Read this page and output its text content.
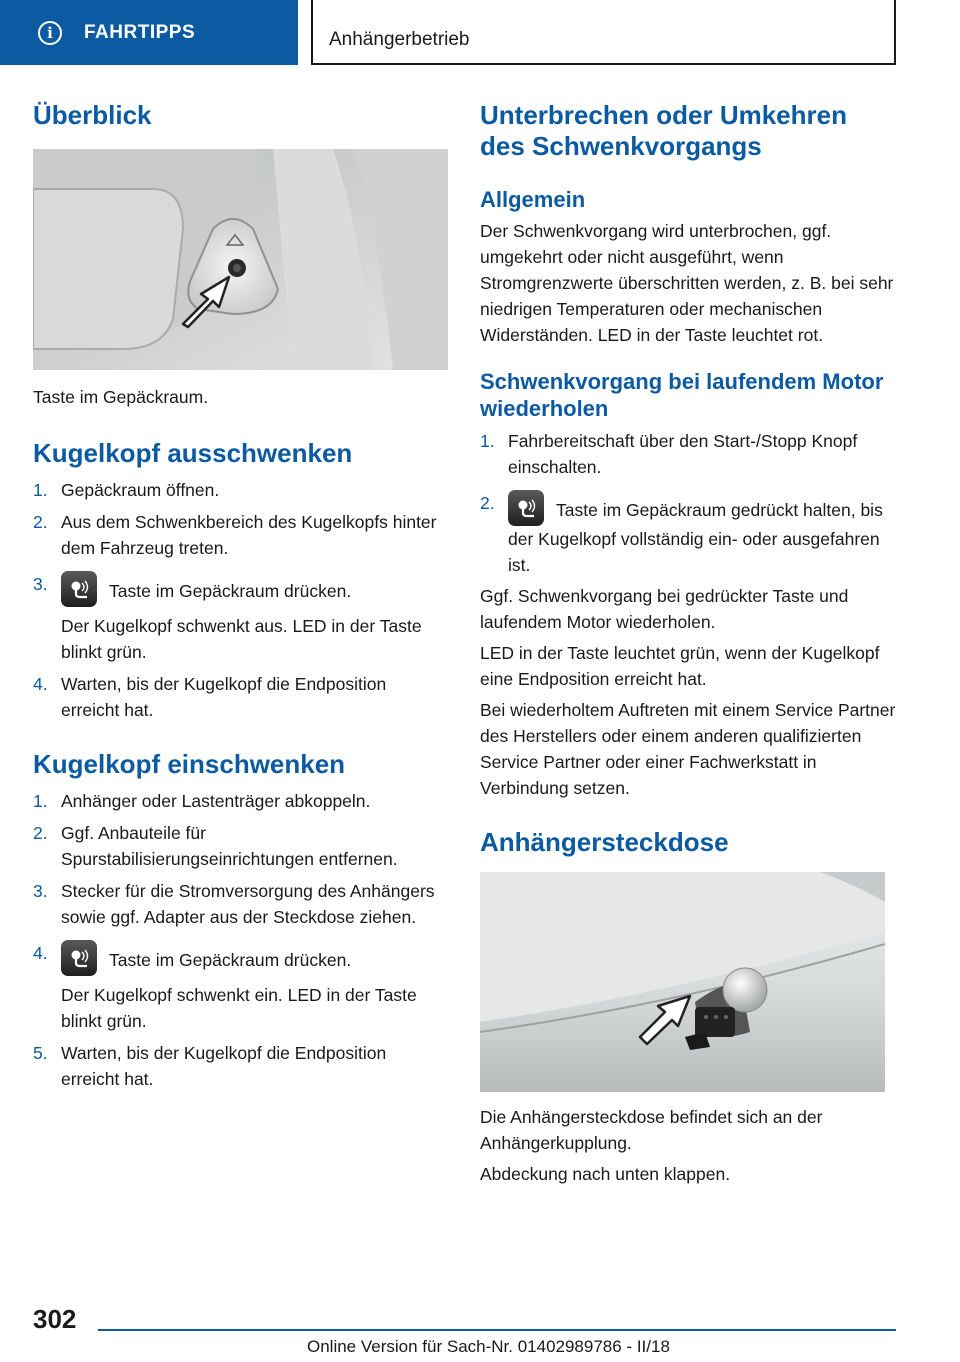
i	FAHRTIPPS	Anhängerbetrieb
Überblick

Taste im Gepäckraum.

Kugelkopf ausschwenken
1. Gepäckraum öffnen.
2. Aus dem Schwenkbereich des Kugelkopfs hinter dem Fahrzeug treten.
3.	Taste im Gepäckraum drücken.
Der Kugelkopf schwenkt aus. LED in der Taste blinkt grün.
4. Warten, bis der Kugelkopf die Endposition erreicht hat.
Kugelkopf einschwenken
1. Anhänger oder Lastenträger abkoppeln.
2. Ggf. Anbauteile für Spurstabilisierungseinrichtungen entfernen.
3. Stecker für die Stromversorgung des Anhängers sowie ggf. Adapter aus der Steckdose ziehen.
4.	Taste im Gepäckraum drücken.
Der Kugelkopf schwenkt ein. LED in der Taste blinkt grün.
5. Warten, bis der Kugelkopf die Endposition erreicht hat.
Unterbrechen oder Umkehren des Schwenkvorgangs
Allgemein

Der Schwenkvorgang wird unterbrochen, ggf. umgekehrt oder nicht ausgeführt, wenn Stromgrenzwerte überschritten werden, z. B. bei sehr niedrigen Temperaturen oder mechanischen Widerständen. LED in der Taste leuchtet rot.

Schwenkvorgang bei laufendem Motor wiederholen
1. Fahrbereitschaft über den Start-/Stopp Knopf einschalten.
2.	Taste im Gepäckraum gedrückt halten, bis der Kugelkopf vollständig ein- oder ausgefahren ist.

Ggf. Schwenkvorgang bei gedrückter Taste und laufendem Motor wiederholen.

LED in der Taste leuchtet grün, wenn der Kugelkopf eine Endposition erreicht hat.

Bei wiederholtem Auftreten mit einem Service Partner des Herstellers oder einem anderen qualifizierten Service Partner oder einer Fachwerkstatt in Verbindung setzen.

Anhängersteckdose

Die Anhängersteckdose befindet sich an der Anhängerkupplung.

Abdeckung nach unten klappen.

302
Online Version für Sach-Nr. 01402989786 - II/18
